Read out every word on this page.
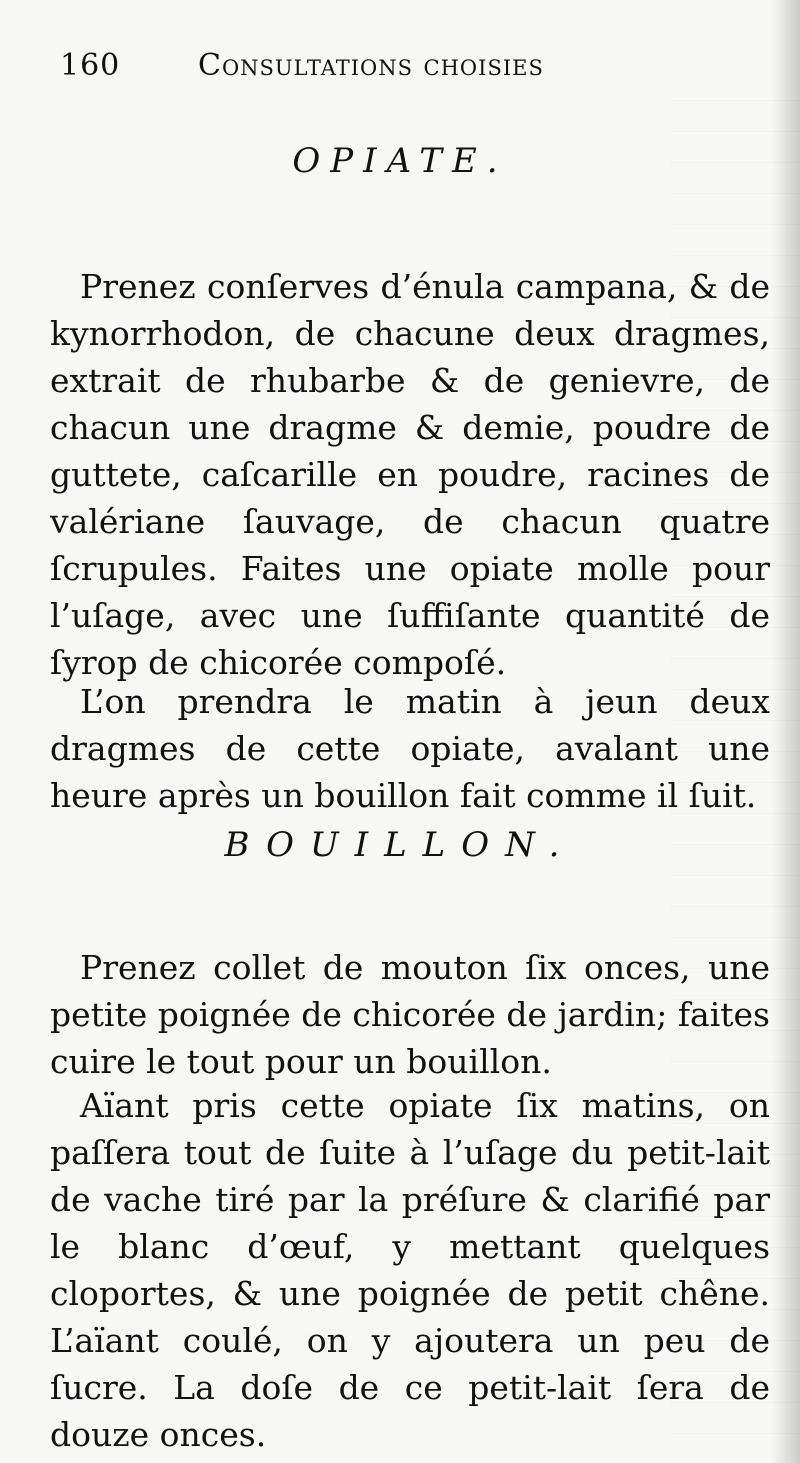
160	Consultations choisies
OPIATE.

Prenez conſerves d’énula campana, & de kynorrhodon, de chacune deux dragmes, extrait de rhubarbe & de genievre, de chacun une dragme & demie, poudre de guttete, caſcarille en poudre, racines de valériane ſauvage, de chacun quatre ſcrupules. Faites une opiate molle pour l’uſage, avec une ſuffiſante quantité de ſyrop de chicorée compoſé.

L’on prendra le matin à jeun deux dragmes de cette opiate, avalant une heure après un bouillon fait comme il ſuit.

BOUILLON.

Prenez collet de mouton ſix onces, une petite poignée de chicorée de jardin; faites cuire le tout pour un bouillon.

Aïant pris cette opiate ſix matins, on paſſera tout de ſuite à l’uſage du petit-lait de vache tiré par la préſure & clarifié par le blanc d’œuf, y mettant quelques cloportes, & une poignée de petit chêne. L’aïant coulé, on y ajoutera un peu de ſucre. La doſe de ce petit-lait ſera de douze onces.
